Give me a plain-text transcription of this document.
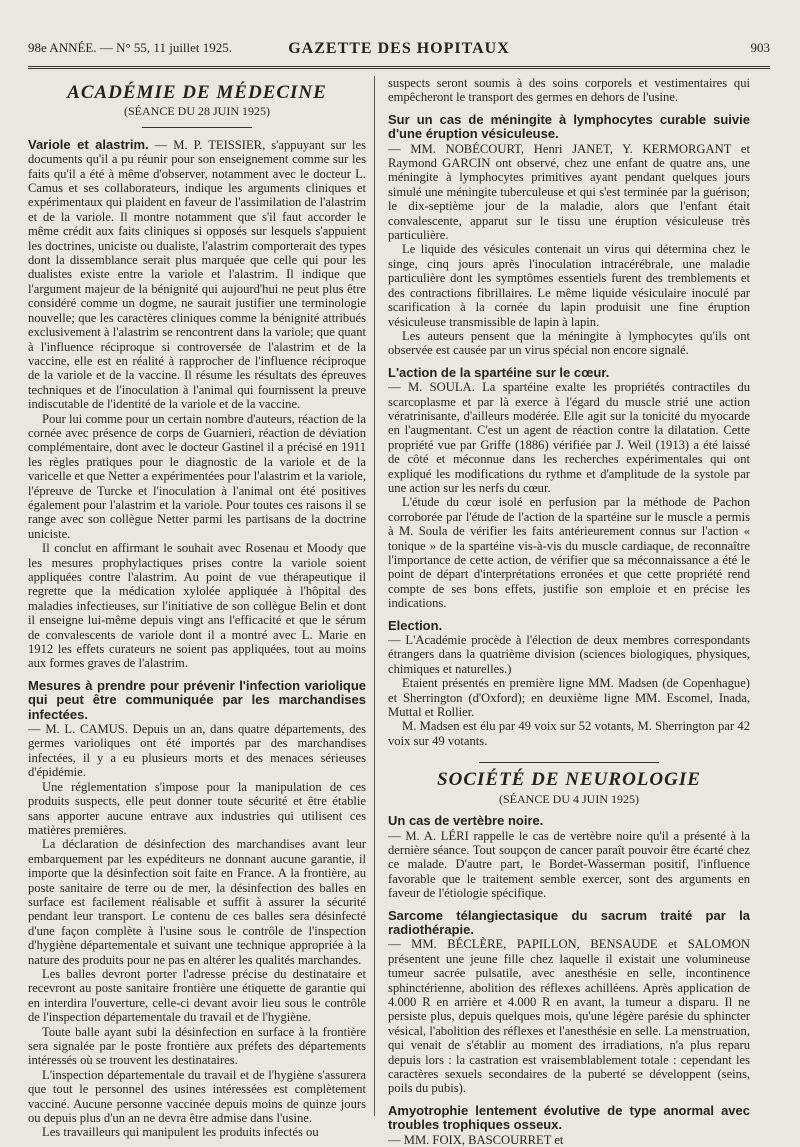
98e ANNÉE. — N° 55, 11 juillet 1925.	GAZETTE DES HOPITAUX	903
ACADÉMIE DE MÉDECINE
(SÉANCE DU 28 JUIN 1925)

Variole et alastrim. — M. P. TEISSIER, s'appuyant sur les documents qu'il a pu réunir pour son enseignement comme sur les faits qu'il a été à même d'observer, notamment avec le docteur L. Camus et ses collaborateurs, indique les arguments cliniques et expérimentaux qui plaident en faveur de l'assimilation de l'alastrim et de la variole. Il montre notamment que s'il faut accorder le même crédit aux faits cliniques si opposés sur lesquels s'appuient les doctrines, uniciste ou dualiste, l'alastrim comporterait des types dont la dissemblance serait plus marquée que celle qui pour les dualistes existe entre la variole et l'alastrim. Il indique que l'argument majeur de la bénignité qui aujourd'hui ne peut plus être considéré comme un dogme, ne saurait justifier une terminologie nouvelle; que les caractères cliniques comme la bénignité attribués exclusivement à l'alastrim se rencontrent dans la variole; que quant à l'influence réciproque si controversée de l'alastrim et de la vaccine, elle est en réalité à rapprocher de l'influence réciproque de la variole et de la vaccine. Il résume les résultats des épreuves techniques et de l'inoculation à l'animal qui fournissent la preuve indiscutable de l'identité de la variole et de la vaccine.

Pour lui comme pour un certain nombre d'auteurs, réaction de la cornée avec présence de corps de Guarnieri, réaction de déviation complémentaire, dont avec le docteur Gastinel il a précisé en 1911 les règles pratiques pour le diagnostic de la variole et de la varicelle et que Netter a expérimentées pour l'alastrim et la variole, l'épreuve de Turcke et l'inoculation à l'animal ont été positives également pour l'alastrim et la variole. Pour toutes ces raisons il se range avec son collègue Netter parmi les partisans de la doctrine uniciste.

Il conclut en affirmant le souhait avec Rosenau et Moody que les mesures prophylactiques prises contre la variole soient appliquées contre l'alastrim. Au point de vue thérapeutique il regrette que la médication xylolée appliquée à l'hôpital des maladies infectieuses, sur l'initiative de son collègue Belin et dont il enseigne lui-même depuis vingt ans l'efficacité et que le sérum de convalescents de variole dont il a montré avec L. Marie en 1912 les effets curateurs ne soient pas appliquées, tout au moins aux formes graves de l'alastrim.

Mesures à prendre pour prévenir l'infection variolique qui peut être communiquée par les marchandises infectées.

— M. L. CAMUS. Depuis un an, dans quatre départements, des germes varioliques ont été importés par des marchandises infectées, il y a eu plusieurs morts et des menaces sérieuses d'épidémie.

Une réglementation s'impose pour la manipulation de ces produits suspects, elle peut donner toute sécurité et être établie sans apporter aucune entrave aux industries qui utilisent ces matières premières.

La déclaration de désinfection des marchandises avant leur embarquement par les expéditeurs ne donnant aucune garantie, il importe que la désinfection soit faite en France. A la frontière, au poste sanitaire de terre ou de mer, la désinfection des balles en surface est facilement réalisable et suffit à assurer la sécurité pendant leur transport. Le contenu de ces balles sera désinfecté d'une façon complète à l'usine sous le contrôle de l'inspection d'hygiène départementale et suivant une technique appropriée à la nature des produits pour ne pas en altérer les qualités marchandes.

Les balles devront porter l'adresse précise du destinataire et recevront au poste sanitaire frontière une étiquette de garantie qui en interdira l'ouverture, celle-ci devant avoir lieu sous le contrôle de l'inspection départementale du travail et de l'hygiène.

Toute balle ayant subi la désinfection en surface à la frontière sera signalée par le poste frontière aux préfets des départements intéressés où se trouvent les destinataires.

L'inspection départementale du travail et de l'hygiène s'assurera que tout le personnel des usines intéressées est complètement vacciné. Aucune personne vaccinée depuis moins de quinze jours ou depuis plus d'un an ne devra être admise dans l'usine.

Les travailleurs qui manipulent les produits infectés ou

suspects seront soumis à des soins corporels et vestimentaires qui empêcheront le transport des germes en dehors de l'usine.

Sur un cas de méningite à lymphocytes curable suivie d'une éruption vésiculeuse.

— MM. NOBÉCOURT, Henri JANET, Y. KERMORGANT et Raymond GARCIN ont observé, chez une enfant de quatre ans, une méningite à lymphocytes primitives ayant pendant quelques jours simulé une méningite tuberculeuse et qui s'est terminée par la guérison; le dix-septième jour de la maladie, alors que l'enfant était convalescente, apparut sur le tissu une éruption vésiculeuse très particulière.

Le liquide des vésicules contenait un virus qui détermina chez le singe, cinq jours après l'inoculation intracérébrale, une maladie particulière dont les symptômes essentiels furent des tremblements et des contractions fibrillaires. Le même liquide vésiculaire inoculé par scarification à la cornée du lapin produisit une fine éruption vésiculeuse transmissible de lapin à lapin.

Les auteurs pensent que la méningite à lymphocytes qu'ils ont observée est causée par un virus spécial non encore signalé.

L'action de la spartéine sur le cœur.

— M. SOULA. La spartéine exalte les propriétés contractiles du scarcoplasme et par là exerce à l'égard du muscle strié une action vératrinisante, d'ailleurs modérée. Elle agit sur la tonicité du myocarde en l'augmentant. C'est un agent de réaction contre la dilatation. Cette propriété vue par Griffe (1886) vérifiée par J. Weil (1913) a été laissé de côté et méconnue dans les recherches expérimentales qui ont expliqué les modifications du rythme et d'amplitude de la systole par une action sur les nerfs du cœur.

L'étude du cœur isolé en perfusion par la méthode de Pachon corroborée par l'étude de l'action de la spartéine sur le muscle a permis à M. Soula de vérifier les faits antérieurement connus sur l'action « tonique » de la spartéine vis-à-vis du muscle cardiaque, de reconnaître l'importance de cette action, de vérifier que sa méconnaissance a été le point de départ d'interprétations erronées et que cette propriété rend compte de ses bons effets, justifie son emploie et en précise les indications.

Election.

— L'Académie procède à l'élection de deux membres correspondants étrangers dans la quatrième division (sciences biologiques, physiques, chimiques et naturelles.)

Etaient présentés en première ligne MM. Madsen (de Copenhague) et Sherrington (d'Oxford); en deuxième ligne MM. Escomel, Inada, Muttal et Rollier.

M. Madsen est élu par 49 voix sur 52 votants, M. Sherrington par 42 voix sur 49 votants.

SOCIÉTÉ DE NEUROLOGIE
(SÉANCE DU 4 JUIN 1925)
Un cas de vertèbre noire.

— M. A. LÉRI rappelle le cas de vertèbre noire qu'il a présenté à la dernière séance. Tout soupçon de cancer paraît pouvoir être écarté chez ce malade. D'autre part, le Bordet-Wasserman positif, l'influence favorable que le traitement semble exercer, sont des arguments en faveur de l'étiologie spécifique.

Sarcome télangiectasique du sacrum traité par la radiothérapie.

— MM. BÉCLÈRE, PAPILLON, BENSAUDE et SALOMON présentent une jeune fille chez laquelle il existait une volumineuse tumeur sacrée pulsatile, avec anesthésie en selle, incontinence sphinctérienne, abolition des réflexes achilléens. Après application de 4.000 R en arrière et 4.000 R en avant, la tumeur a disparu. Il ne persiste plus, depuis quelques mois, qu'une légère parésie du sphincter vésical, l'abolition des réflexes et l'anesthésie en selle. La menstruation, qui venait de s'établir au moment des irradiations, n'a plus reparu depuis lors : la castration est vraisemblablement totale : cependant les caractères sexuels secondaires de la puberté se développent (seins, poils du pubis).

Amyotrophie lentement évolutive de type anormal avec troubles trophiques osseux.

— MM. FOIX, BASCOURRET et
